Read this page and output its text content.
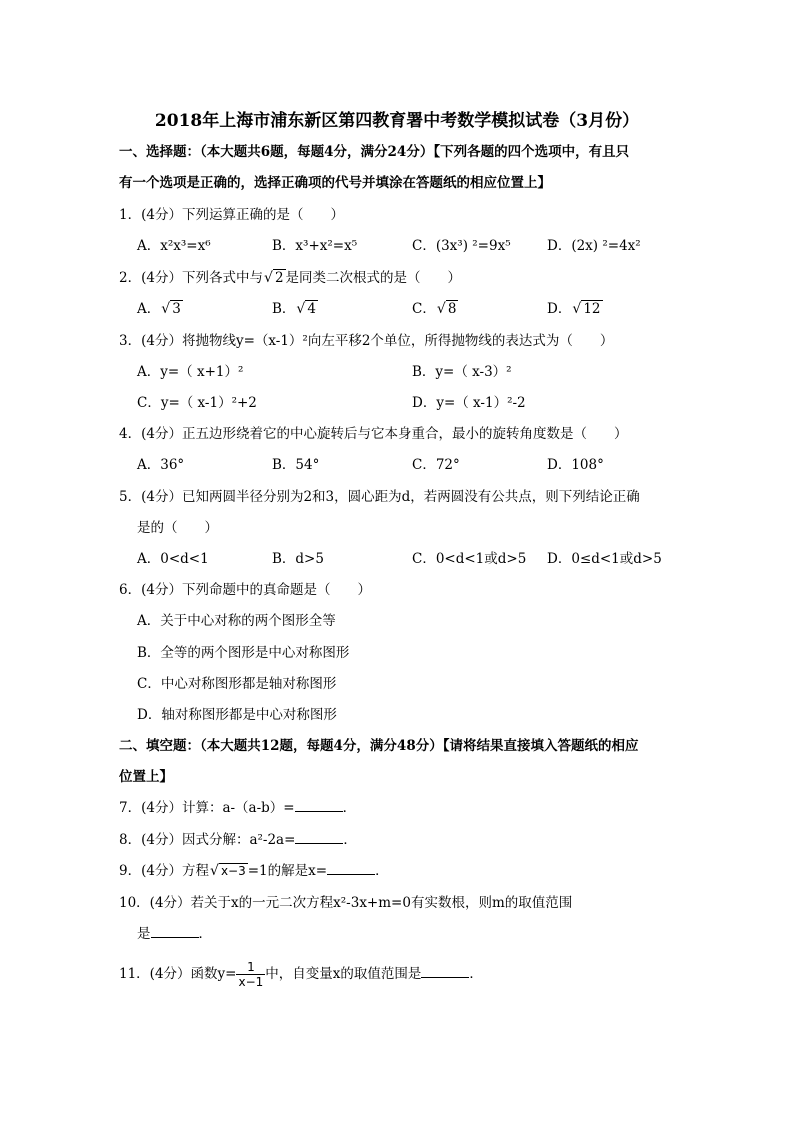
2018年上海市浦东新区第四教育署中考数学模拟试卷（3月份）
一、选择题：（本大题共6题，每题4分，满分24分）【下列各题的四个选项中，有且只
有一个选项是正确的，选择正确项的代号并填涂在答题纸的相应位置上】
1．(4分）下列运算正确的是（　　）
A．x²x³=x⁶	B．x³+x²=x⁵	C．(3x³) ²=9x⁵	D．(2x) ²=4x²
2．(4分）下列各式中与 √ 2 是同类二次根式的是（　　）
A． √ 3	B． √ 4	C． √ 8	D． √ 12
3．(4分）将抛物线y=（x-1）²向左平移2个单位，所得抛物线的表达式为（　　）
A．y=（ x+1）²	B．y=（ x-3）²
C．y=（ x-1）²+2	D．y=（ x-1）²-2
4．(4分）正五边形绕着它的中心旋转后与它本身重合，最小的旋转角度数是（　　）
A．36°	B．54°	C．72°	D．108°
5．(4分）已知两圆半径分别为2和3，圆心距为d，若两圆没有公共点，则下列结论正确
是的（　　）
A．0<d<1	B．d>5	C．0<d<1或d>5 D．0≤d<1或d>5
6．(4分）下列命题中的真命题是（　　）
A．关于中心对称的两个图形全等
B．全等的两个图形是中心对称图形
C．中心对称图形都是轴对称图形
D．轴对称图形都是中心对称图形
二、填空题：（本大题共12题，每题4分，满分48分）【请将结果直接填入答题纸的相应
位置上】
7．(4分）计算：a-（a-b）=	．
8．(4分）因式分解：a²-2a=	．
9．(4分）方程 √ x−3 =1的解是x=	．
10．(4分）若关于x的一元二次方程x²-3x+m=0有实数根，则m的取值范围
是	．
11．(4分）函数$y= \frac{1}{x-1}$ 中，自变量x的取值范围是	．
